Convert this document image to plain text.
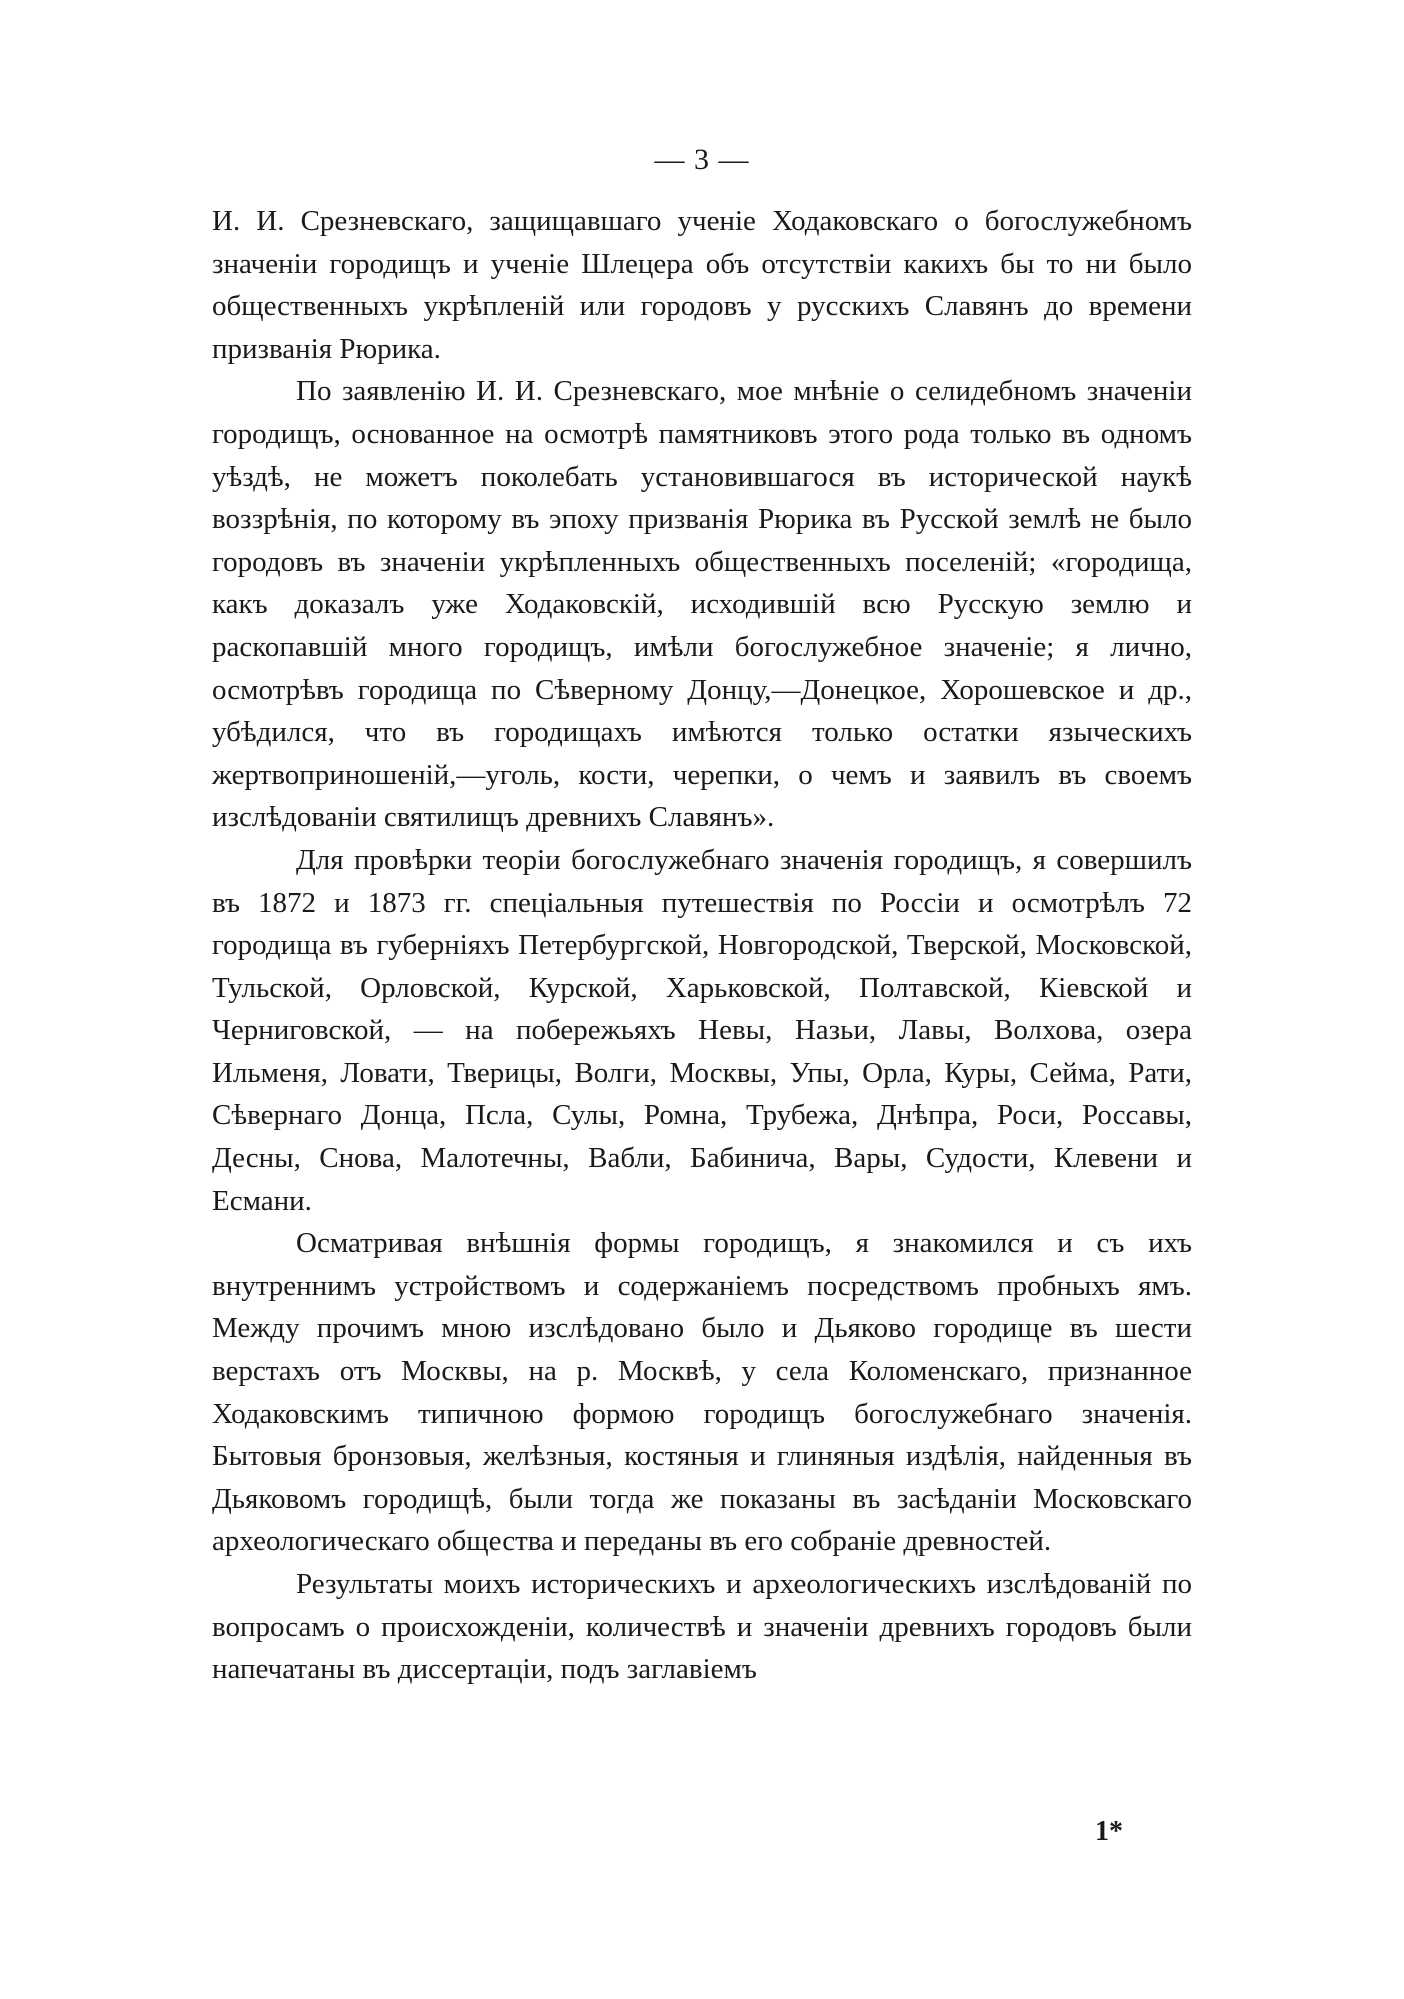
— 3 —

И. И. Срезневскаго, защищавшаго ученіе Ходаковскаго о богослужебномъ значеніи городищъ и ученіе Шлецера объ отсутствіи какихъ бы то ни было общественныхъ укрѣпленій или городовъ у русскихъ Славянъ до времени призванія Рюрика.

По заявленію И. И. Срезневскаго, мое мнѣніе о селидебномъ значеніи городищъ, основанное на осмотрѣ памятниковъ этого рода только въ одномъ уѣздѣ, не можетъ поколебать установившагося въ исторической наукѣ воззрѣнія, по которому въ эпоху призванія Рюрика въ Русской землѣ не было городовъ въ значеніи укрѣпленныхъ общественныхъ поселеній; «городища, какъ доказалъ уже Ходаковскій, исходившій всю Русскую землю и раскопавшій много городищъ, имѣли богослужебное значеніе; я лично, осмотрѣвъ городища по Сѣверному Донцу,—Донецкое, Хорошевское и др., убѣдился, что въ городищахъ имѣются только остатки языческихъ жертвоприношеній,—уголь, кости, черепки, о чемъ и заявилъ въ своемъ изслѣдованіи святилищъ древнихъ Славянъ».

Для провѣрки теоріи богослужебнаго значенія городищъ, я совершилъ въ 1872 и 1873 гг. спеціальныя путешествія по Россіи и осмотрѣлъ 72 городища въ губерніяхъ Петербургской, Новгородской, Тверской, Московской, Тульской, Орловской, Курской, Харьковской, Полтавской, Кіевской и Черниговской, — на побережьяхъ Невы, Назьи, Лавы, Волхова, озера Ильменя, Ловати, Тверицы, Волги, Москвы, Упы, Орла, Куры, Сейма, Рати, Сѣвернаго Донца, Псла, Сулы, Ромна, Трубежа, Днѣпра, Роси, Россавы, Десны, Снова, Малотечны, Вабли, Бабинича, Вары, Судости, Клевени и Есмани.

Осматривая внѣшнія формы городищъ, я знакомился и съ ихъ внутреннимъ устройствомъ и содержаніемъ посредствомъ пробныхъ ямъ. Между прочимъ мною изслѣдовано было и Дьяково городище въ шести верстахъ отъ Москвы, на р. Москвѣ, у села Коломенскаго, признанное Ходаковскимъ типичною формою городищъ богослужебнаго значенія. Бытовыя бронзовыя, желѣзныя, костяныя и глиняныя издѣлія, найденныя въ Дьяковомъ городищѣ, были тогда же показаны въ засѣданіи Московскаго археологическаго общества и переданы въ его собраніе древностей.

Результаты моихъ историческихъ и археологическихъ изслѣдованій по вопросамъ о происхожденіи, количествѣ и значеніи древнихъ городовъ были напечатаны въ диссертаціи, подъ заглавіемъ

1*
